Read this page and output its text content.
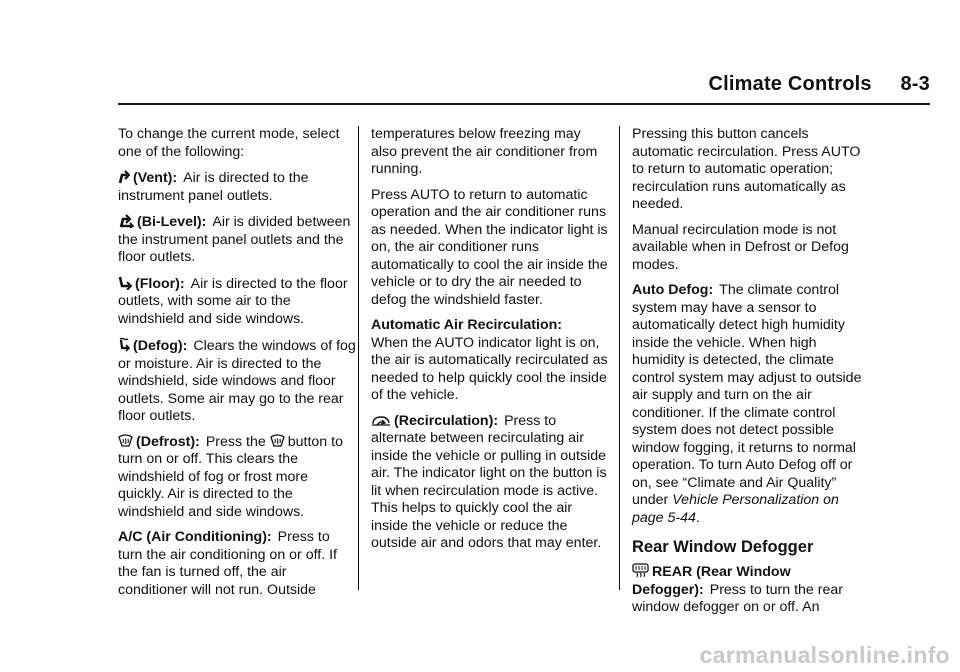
Climate Controls     8-3

To change the current mode, select one of the following:

(Vent): Air is directed to the instrument panel outlets.

(Bi-Level): Air is divided between the instrument panel outlets and the floor outlets.

(Floor): Air is directed to the floor outlets, with some air to the windshield and side windows.

(Defog): Clears the windows of fog or moisture. Air is directed to the windshield, side windows and floor outlets. Some air may go to the rear floor outlets.

(Defrost): Press the button to turn on or off. This clears the windshield of fog or frost more quickly. Air is directed to the windshield and side windows.

A/C (Air Conditioning): Press to turn the air conditioning on or off. If the fan is turned off, the air conditioner will not run. Outside

temperatures below freezing may also prevent the air conditioner from running.

Press AUTO to return to automatic operation and the air conditioner runs as needed. When the indicator light is on, the air conditioner runs automatically to cool the air inside the vehicle or to dry the air needed to defog the windshield faster.

Automatic Air Recirculation:
When the AUTO indicator light is on, the air is automatically recirculated as needed to help quickly cool the inside of the vehicle.

(Recirculation): Press to alternate between recirculating air inside the vehicle or pulling in outside air. The indicator light on the button is lit when recirculation mode is active. This helps to quickly cool the air inside the vehicle or reduce the outside air and odors that may enter.

Pressing this button cancels automatic recirculation. Press AUTO to return to automatic operation; recirculation runs automatically as needed.

Manual recirculation mode is not available when in Defrost or Defog modes.

Auto Defog: The climate control system may have a sensor to automatically detect high humidity inside the vehicle. When high humidity is detected, the climate control system may adjust to outside air supply and turn on the air conditioner. If the climate control system does not detect possible window fogging, it returns to normal operation. To turn Auto Defog off or on, see “Climate and Air Quality” under Vehicle Personalization on page 5-44.

Rear Window Defogger

REAR (Rear Window Defogger): Press to turn the rear window defogger on or off. An

carmanualsonline.info
